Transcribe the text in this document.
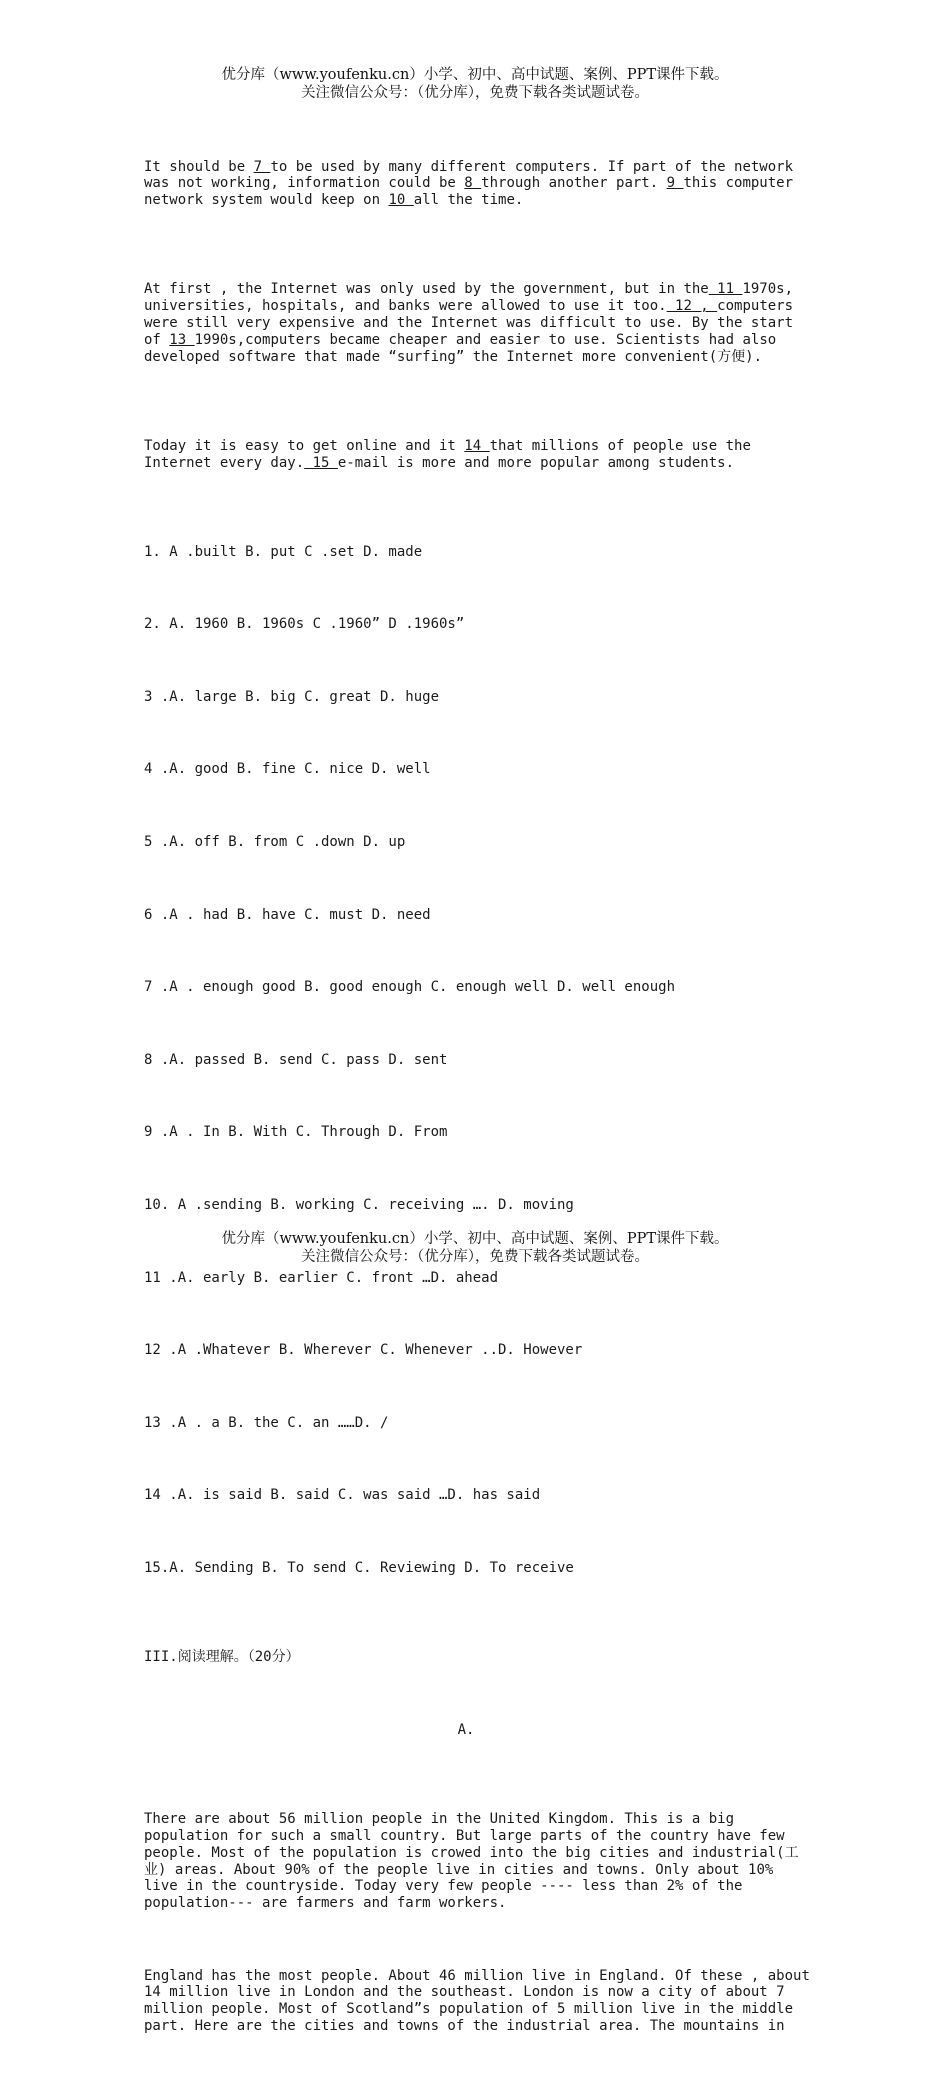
优分库（www.youfenku.cn）小学、初中、高中试题、案例、PPT课件下载。
关注微信公众号：（优分库），免费下载各类试题试卷。

It should be 7 to be used by many different computers. If part of the network
was not working, information could be 8 through another part. 9 this computer
network system would keep on 10 all the time.

At first , the Internet was only used by the government, but in the 11 1970s,
universities, hospitals, and banks were allowed to use it too. 12 , computers
were still very expensive and the Internet was difficult to use. By the start
of 13 1990s,computers became cheaper and easier to use. Scientists had also
developed software that made “surfing” the Internet more convenient(方便).

Today it is easy to get online and it 14 that millions of people use the
Internet every day. 15 e-mail is more and more popular among students.

1. A .built B. put C .set D. made

2. A. 1960 B. 1960s C .1960” D .1960s”

3 .A. large B. big C. great D. huge

4 .A. good B. fine C. nice D. well

5 .A. off B. from C .down D. up

6 .A . had B. have C. must D. need

7 .A . enough good B. good enough C. enough well D. well enough

8 .A. passed B. send C. pass D. sent

9 .A . In B. With C. Through D. From

10. A .sending B. working C. receiving …. D. moving

11 .A. early B. earlier C. front …D. ahead

12 .A .Whatever B. Wherever C. Whenever ..D. However

13 .A . a B. the C. an ……D. /

14 .A. is said B. said C. was said …D. has said

15.A. Sending B. To send C. Reviewing D. To receive

III.阅读理解。（20分）

A.

There are about 56 million people in the United Kingdom. This is a big
population for such a small country. But large parts of the country have few
people. Most of the population is crowed into the big cities and industrial(工
业) areas. About 90% of the people live in cities and towns. Only about 10%
live in the countryside. Today very few people ---- less than 2% of the
population--- are farmers and farm workers.

England has the most people. About 46 million live in England. Of these , about
14 million live in London and the southeast. London is now a city of about 7
million people. Most of Scotland”s population of 5 million live in the middle
part. Here are the cities and towns of the industrial area. The mountains in

优分库（www.youfenku.cn）小学、初中、高中试题、案例、PPT课件下载。
关注微信公众号：（优分库），免费下载各类试题试卷。
